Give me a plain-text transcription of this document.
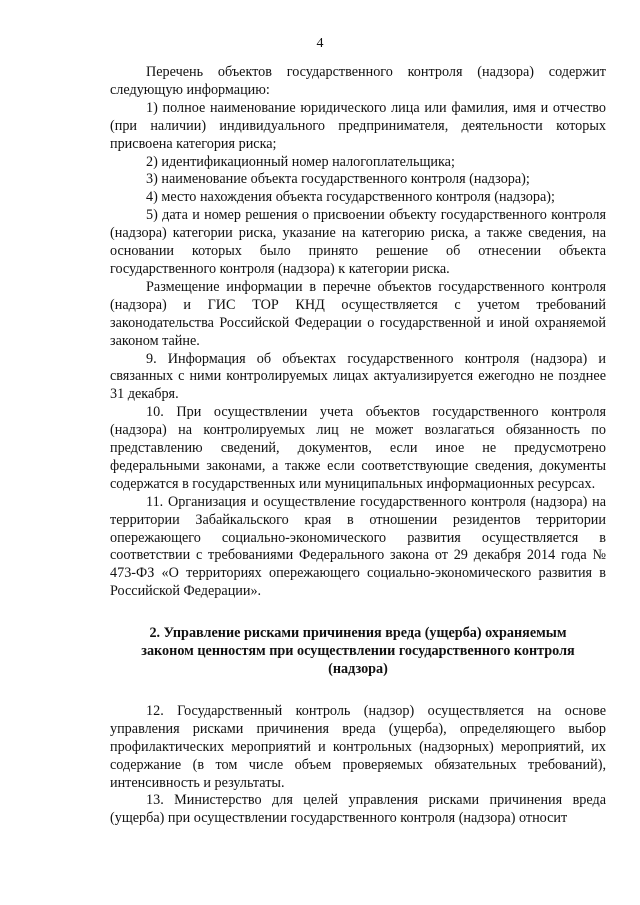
4

Перечень объектов государственного контроля (надзора) содержит следующую информацию:

1) полное наименование юридического лица или фамилия, имя и отчество (при наличии) индивидуального предпринимателя, деятельности которых присвоена категория риска;

2) идентификационный номер налогоплательщика;

3) наименование объекта государственного контроля (надзора);

4) место нахождения объекта государственного контроля (надзора);

5) дата и номер решения о присвоении объекту государственного контроля (надзора) категории риска, указание на категорию риска, а также сведения, на основании которых было принято решение об отнесении объекта государственного контроля (надзора) к категории риска.

Размещение информации в перечне объектов государственного контроля (надзора) и ГИС ТОР КНД осуществляется с учетом требований законодательства Российской Федерации о государственной и иной охраняемой законом тайне.

9. Информация об объектах государственного контроля (надзора) и связанных с ними контролируемых лицах актуализируется ежегодно не позднее 31 декабря.

10. При осуществлении учета объектов государственного контроля (надзора) на контролируемых лиц не может возлагаться обязанность по представлению сведений, документов, если иное не предусмотрено федеральными законами, а также если соответствующие сведения, документы содержатся в государственных или муниципальных информационных ресурсах.

11. Организация и осуществление государственного контроля (надзора) на территории Забайкальского края в отношении резидентов территории опережающего социально-экономического развития осуществляется в соответствии с требованиями Федерального закона от 29 декабря 2014 года № 473-ФЗ «О территориях опережающего социально-экономического развития в Российской Федерации».

2. Управление рисками причинения вреда (ущерба) охраняемым законом ценностям при осуществлении государственного контроля (надзора)

12. Государственный контроль (надзор) осуществляется на основе управления рисками причинения вреда (ущерба), определяющего выбор профилактических мероприятий и контрольных (надзорных) мероприятий, их содержание (в том числе объем проверяемых обязательных требований), интенсивность и результаты.

13. Министерство для целей управления рисками причинения вреда (ущерба) при осуществлении государственного контроля (надзора) относит
